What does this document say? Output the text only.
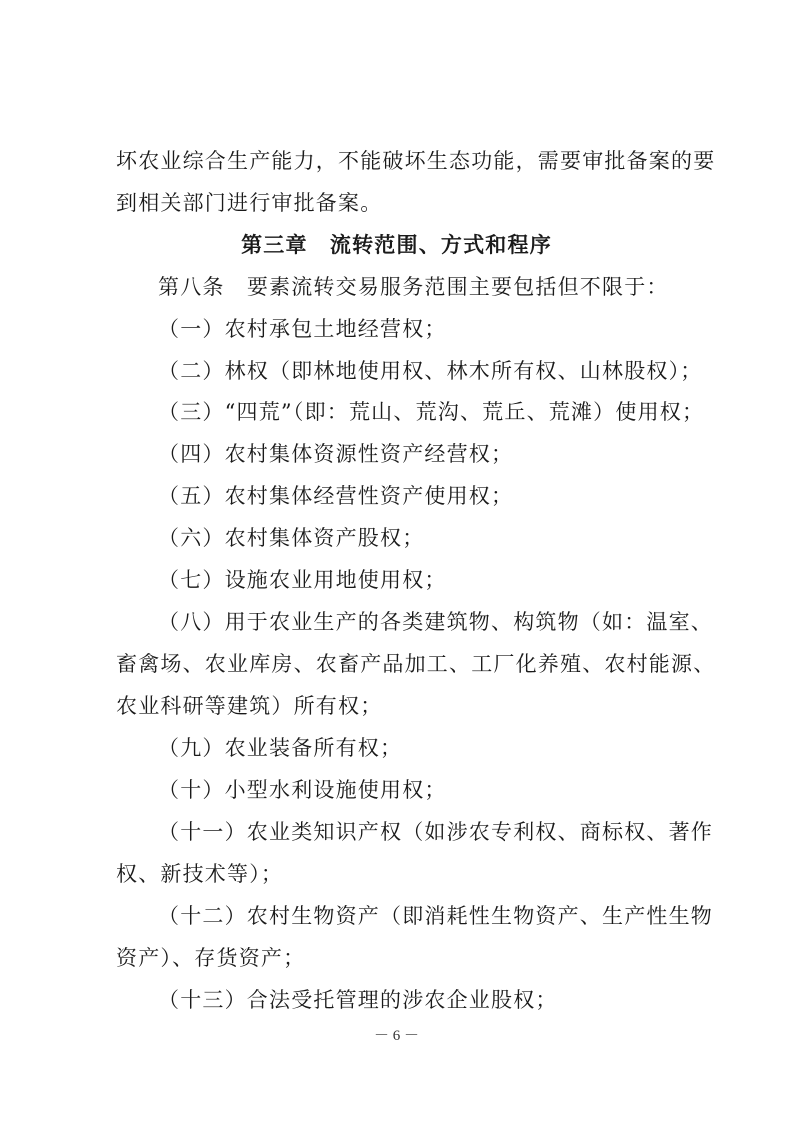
坏农业综合生产能力，不能破坏生态功能，需要审批备案的要
到相关部门进行审批备案。
第三章　流转范围、方式和程序
第八条　 要素流转交易服务范围主要包括但不限于：
（一）农村承包土地经营权；
（二）林权（即林地使用权、林木所有权、山林股权）；
（三）“四荒”（即：荒山、荒沟、荒丘、荒滩）使用权；
（四）农村集体资源性资产经营权；
（五）农村集体经营性资产使用权；
（六）农村集体资产股权；
（七）设施农业用地使用权；
（八）用于农业生产的各类建筑物、构筑物（如：温室、
畜禽场、农业库房、农畜产品加工、工厂化养殖、农村能源、
农业科研等建筑）所有权；
（九）农业装备所有权；
（十）小型水利设施使用权；
（十一）农业类知识产权（如涉农专利权、商标权、著作
权、新技术等）；
（十二）农村生物资产（即消耗性生物资产、生产性生物
资产）、存货资产；
（十三）合法受托管理的涉农企业股权；
－ 6 －
